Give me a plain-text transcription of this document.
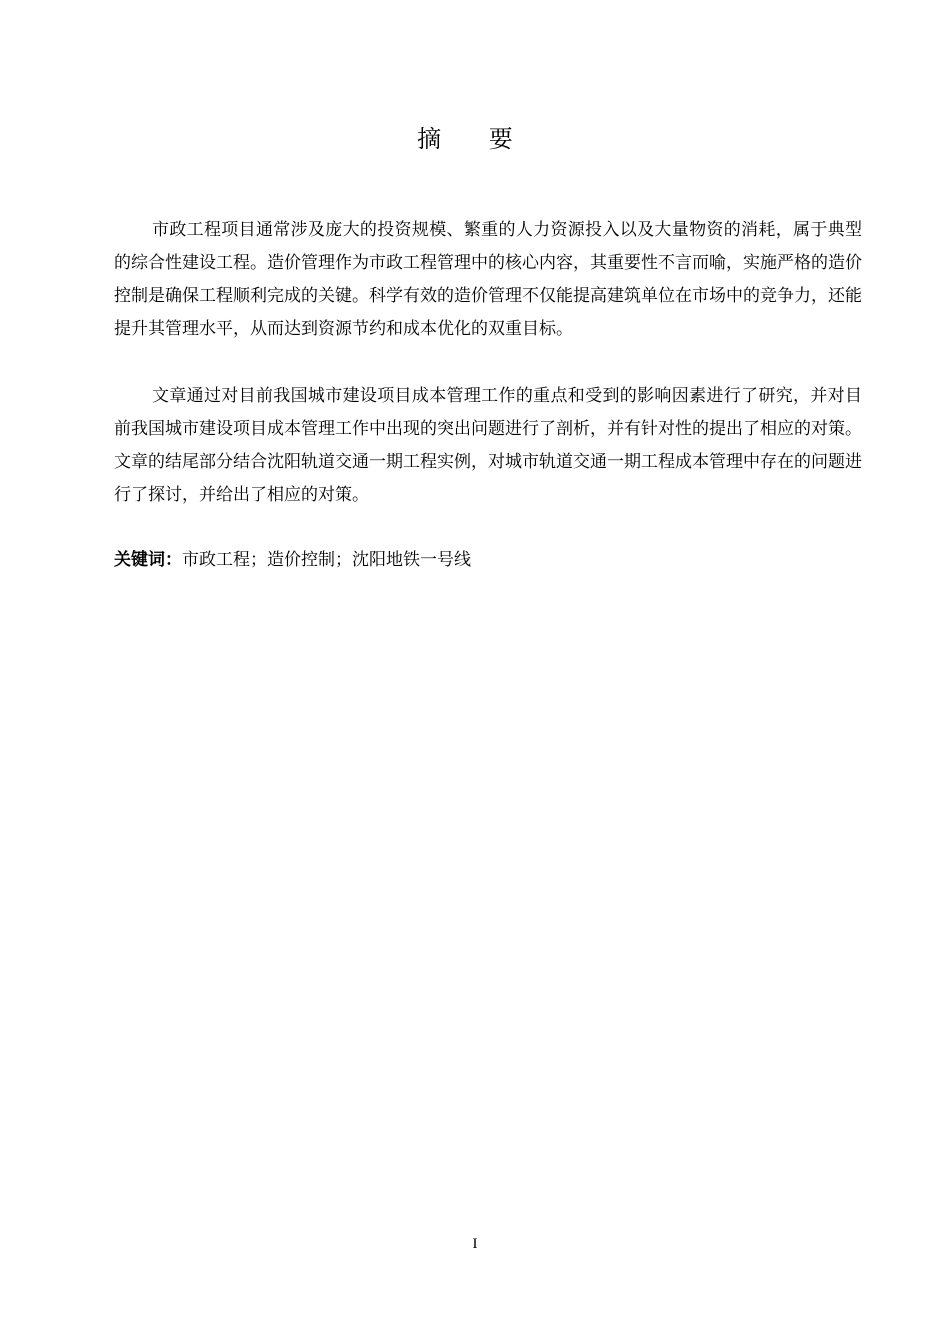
摘 要

市政工程项目通常涉及庞大的投资规模、繁重的人力资源投入以及大量物资的消耗，属于典型的综合性建设工程。造价管理作为市政工程管理中的核心内容，其重要性不言而喻，实施严格的造价控制是确保工程顺利完成的关键。科学有效的造价管理不仅能提高建筑单位在市场中的竞争力，还能提升其管理水平，从而达到资源节约和成本优化的双重目标。

文章通过对目前我国城市建设项目成本管理工作的重点和受到的影响因素进行了研究，并对目前我国城市建设项目成本管理工作中出现的突出问题进行了剖析，并有针对性的提出了相应的对策。文章的结尾部分结合沈阳轨道交通一期工程实例，对城市轨道交通一期工程成本管理中存在的问题进行了探讨，并给出了相应的对策。

关键词：市政工程；造价控制；沈阳地铁一号线
I
